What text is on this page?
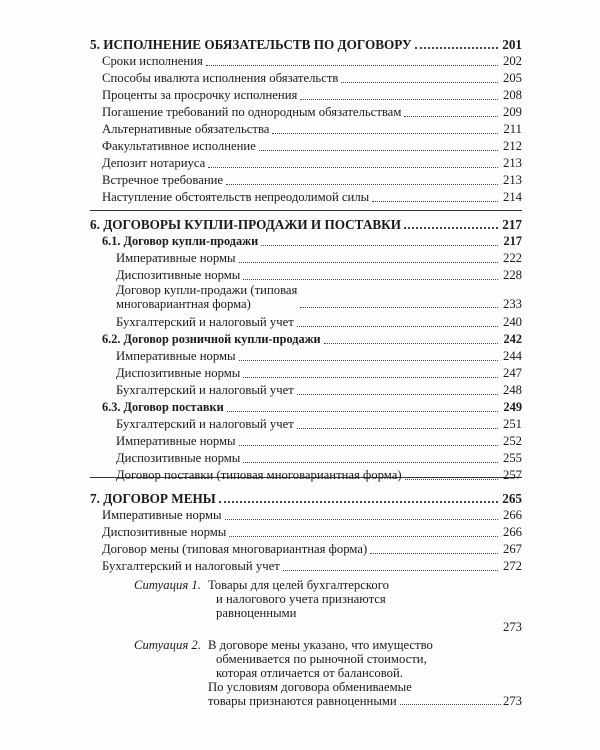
5. ИСПОЛНЕНИЕ ОБЯЗАТЕЛЬСТВ ПО ДОГОВОРУ	201
Сроки исполнения	202
Способы ивалюта исполнения обязательств	205
Проценты за просрочку исполнения	208
Погашение требований по однородным обязательствам	209
Альтернативные обязательства	211
Факультативное исполнение	212
Депозит нотариуса	213
Встречное требование	213
Наступление обстоятельств непреодолимой силы	214
6. ДОГОВОРЫ КУПЛИ-ПРОДАЖИ И ПОСТАВКИ	217
6.1. Договор купли-продажи	217
Императивные нормы	222
Диспозитивные нормы	228
Договор купли-продажи (типовая
многовариантная форма)	233
Бухгалтерский и налоговый учет	240
6.2. Договор розничной купли-продажи	242
Императивные нормы	244
Диспозитивные нормы	247
Бухгалтерский и налоговый учет	248
6.3. Договор поставки	249
Бухгалтерский и налоговый учет	251
Императивные нормы	252
Диспозитивные нормы	255
Договор поставки (типовая многовариантная форма)	257
7. ДОГОВОР МЕНЫ	265
Императивные нормы	266
Диспозитивные нормы	266
Договор мены (типовая многовариантная форма)	267
Бухгалтерский и налоговый учет	272
Ситуация 1. Товары для целей бухгалтерского
и налогового учета признаются
равноценными
273
Ситуация 2. В договоре мены указано, что имущество
обменивается по рыночной стоимости,
которая отличается от балансовой.
По условиям договора обмениваемые
товары признаются равноценными	273
